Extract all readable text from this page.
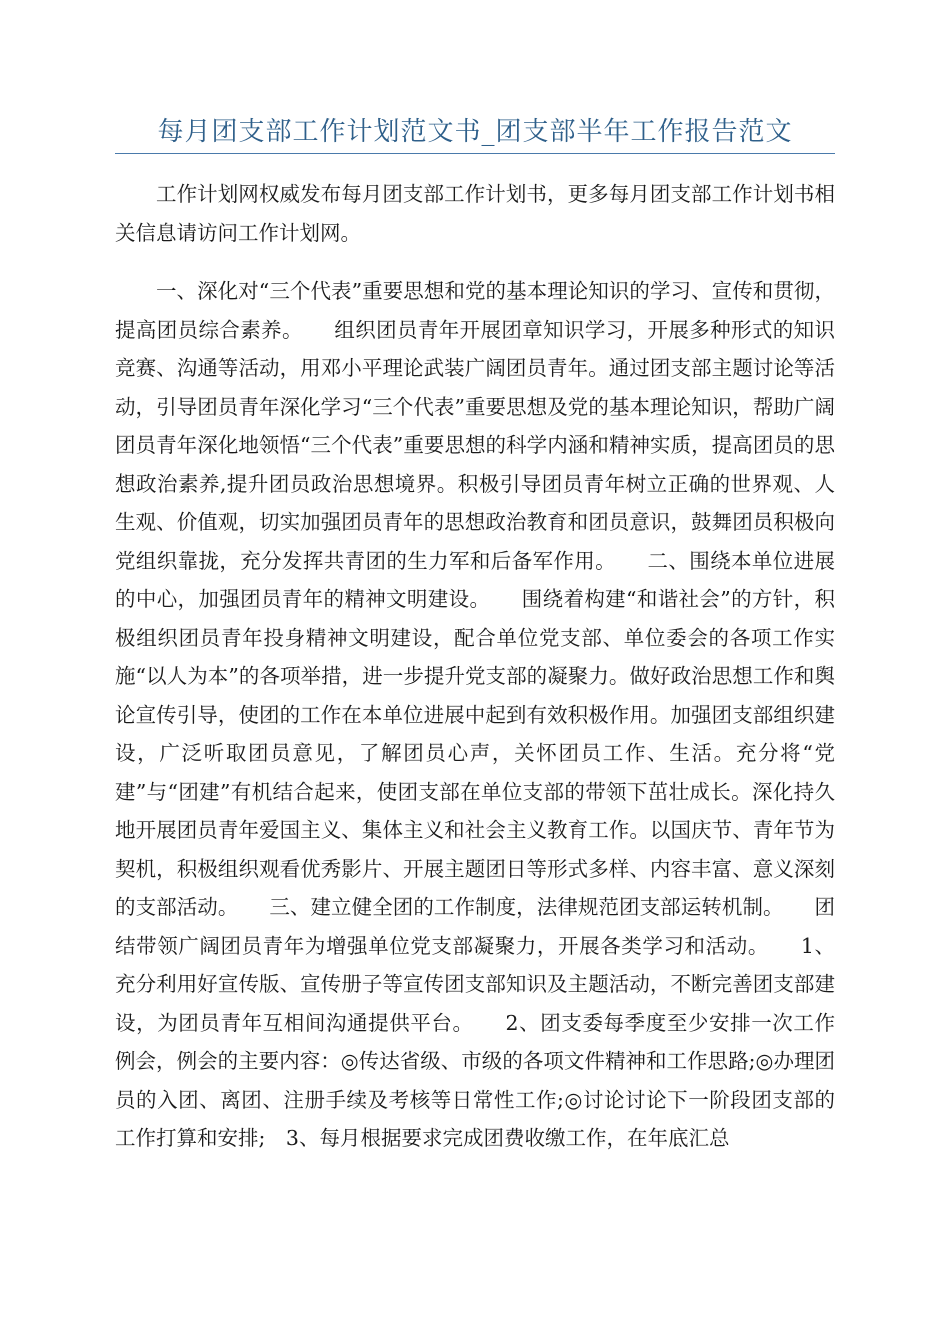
每月团支部工作计划范文书_团支部半年工作报告范文

工作计划网权威发布每月团支部工作计划书，更多每月团支部工作计划书相关信息请访问工作计划网。

一、深化对“三个代表”重要思想和党的基本理论知识的学习、宣传和贯彻，提高团员综合素养。　　组织团员青年开展团章知识学习，开展多种形式的知识竞赛、沟通等活动，用邓小平理论武装广阔团员青年。通过团支部主题讨论等活动，引导团员青年深化学习“三个代表”重要思想及党的基本理论知识，帮助广阔团员青年深化地领悟“三个代表”重要思想的科学内涵和精神实质，提高团员的思想政治素养,提升团员政治思想境界。积极引导团员青年树立正确的世界观、人生观、价值观，切实加强团员青年的思想政治教育和团员意识，鼓舞团员积极向党组织靠拢，充分发挥共青团的生力军和后备军作用。　　二、围绕本单位进展的中心，加强团员青年的精神文明建设。　　围绕着构建“和谐社会”的方针，积极组织团员青年投身精神文明建设，配合单位党支部、单位委会的各项工作实施“以人为本”的各项举措，进一步提升党支部的凝聚力。做好政治思想工作和舆论宣传引导，使团的工作在本单位进展中起到有效积极作用。加强团支部组织建设，广泛听取团员意见，了解团员心声，关怀团员工作、生活。充分将“党建”与“团建”有机结合起来，使团支部在单位支部的带领下茁壮成长。深化持久地开展团员青年爱国主义、集体主义和社会主义教育工作。以国庆节、青年节为契机，积极组织观看优秀影片、开展主题团日等形式多样、内容丰富、意义深刻的支部活动。　　三、建立健全团的工作制度，法律规范团支部运转机制。　　团结带领广阔团员青年为增强单位党支部凝聚力，开展各类学习和活动。　　1、充分利用好宣传版、宣传册子等宣传团支部知识及主题活动，不断完善团支部建设，为团员青年互相间沟通提供平台。　　2、团支委每季度至少安排一次工作例会，例会的主要内容：◎传达省级、市级的各项文件精神和工作思路;◎办理团员的入团、离团、注册手续及考核等日常性工作;◎讨论讨论下一阶段团支部的工作打算和安排;　3、每月根据要求完成团费收缴工作，在年底汇总
